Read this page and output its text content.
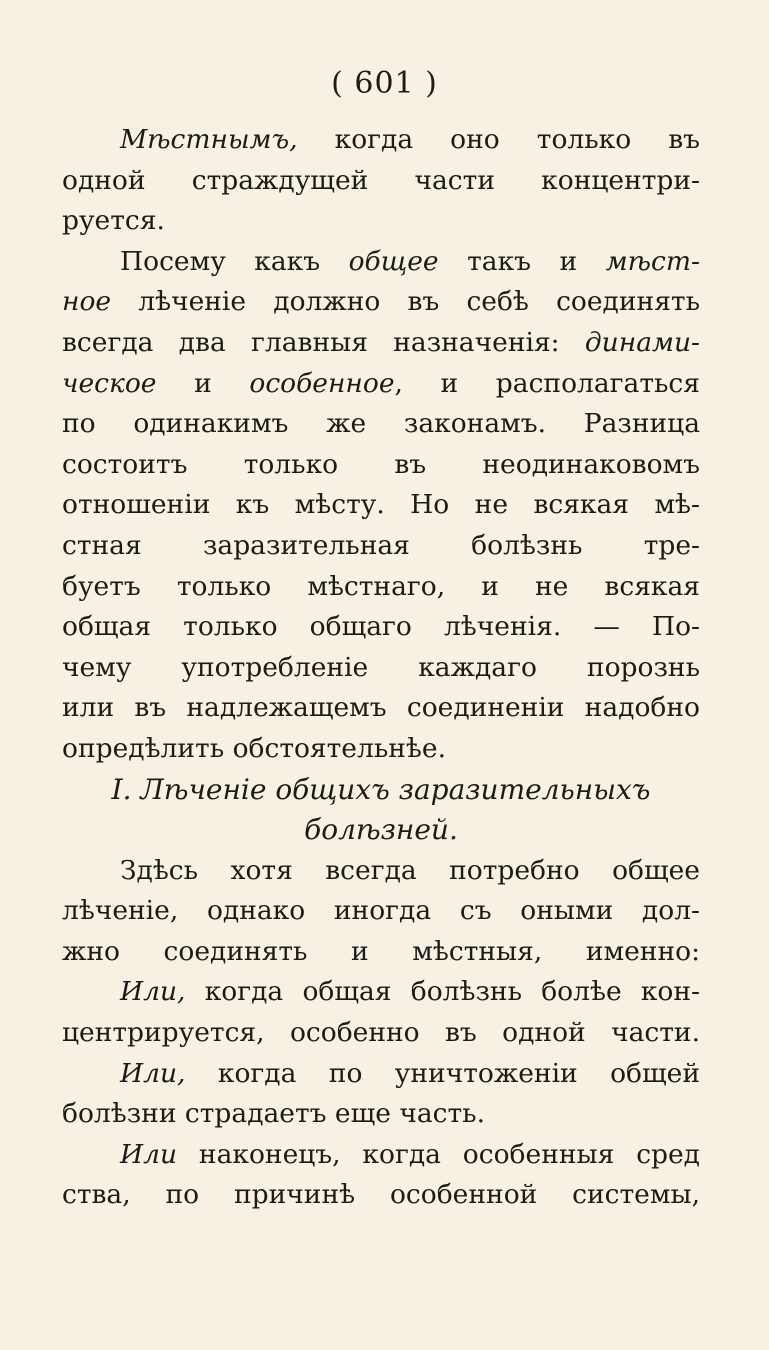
( 601 )
Мѣстнымъ, когда оно только въ
одной страждущей части концентри-
руется.
Посему какъ общее такъ и мѣст-
ное лѣченіе должно въ себѣ соединять
всегда два главныя назначенія: динами-
ческое и особенное, и располагаться
по одинакимъ же законамъ. Разница
состоитъ только въ неодинаковомъ
отношеніи къ мѣсту. Но не всякая мѣ-
стная заразительная болѣзнь тре-
буетъ только мѣстнаго, и не всякая
общая только общаго лѣченія. — По-
чему употребленіе каждаго порознь
или въ надлежащемъ соединеніи надобно
опредѣлить обстоятельнѣе.
I. Лѣченіе общихъ заразительныхъ
болѣзней.
Здѣсь хотя всегда потребно общее
лѣченіе, однако иногда съ оными дол-
жно соединять и мѣстныя, именно:
Или, когда общая болѣзнь болѣе кон-
центрируется, особенно въ одной части.
Или, когда по уничтоженіи общей
болѣзни страдаетъ еще часть.
Или наконецъ, когда особенныя сред
ства, по причинѣ особенной системы,
